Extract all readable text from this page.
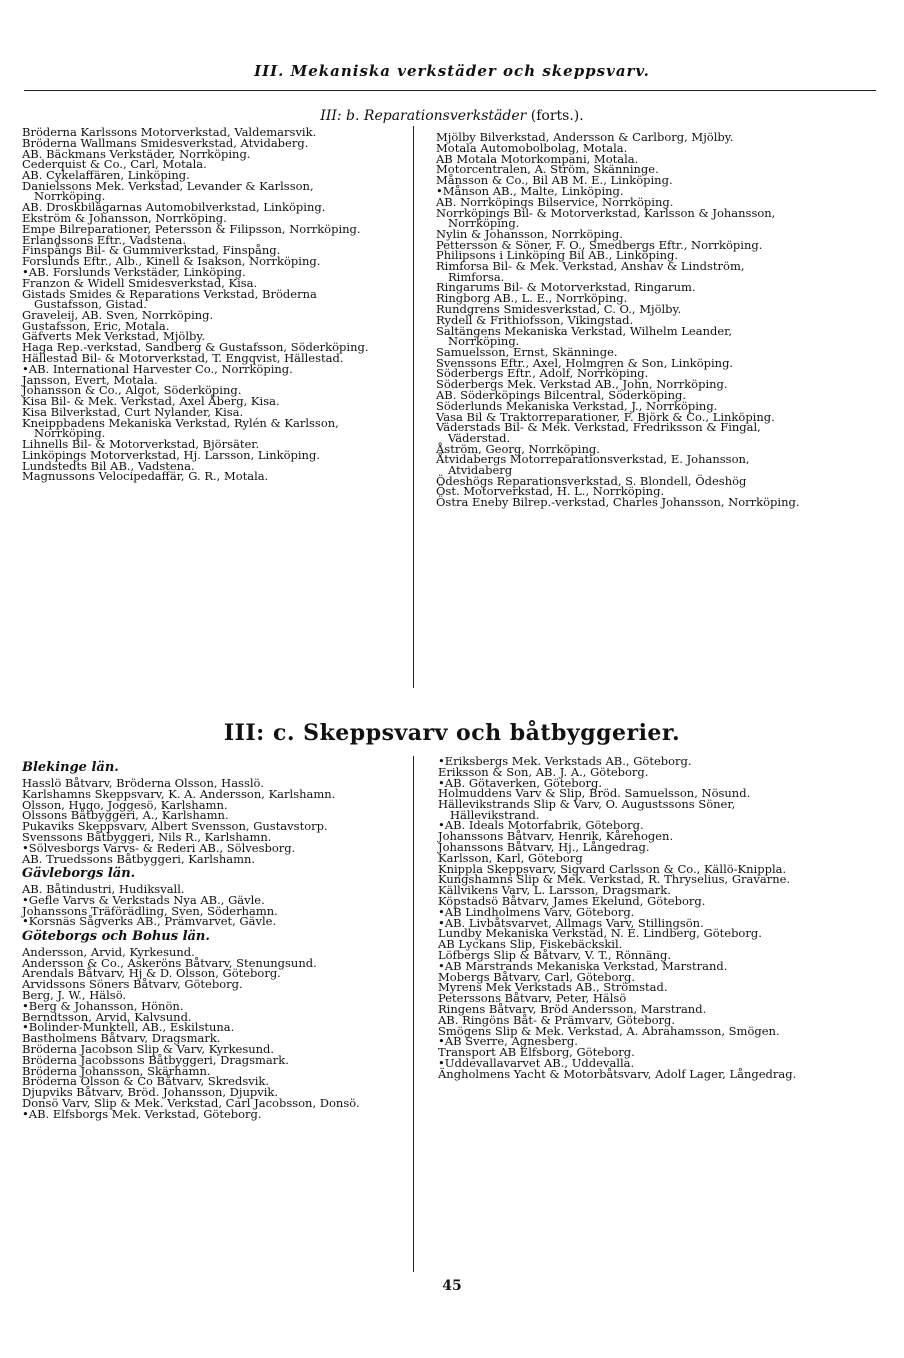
III. Mekaniska verkstäder och skeppsvarv.
III: b. Reparationsverkstäder (forts.).
Bröderna Karlssons Motorverkstad, Valdemarsvik.
Bröderna Wallmans Smidesverkstad, Atvidaberg.
AB. Bäckmans Verkstäder, Norrköping.
Cederquist & Co., Carl, Motala.
AB. Cykelaffären, Linköping.
Danielssons Mek. Verkstad, Levander & Karlsson, Norrköping.
AB. Droskbilägarnas Automobilverkstad, Linköping.
Ekström & Johansson, Norrköping.
Empe Bilreparationer, Petersson & Filipsson, Norrköping.
Erlandssons Eftr., Vadstena.
Finspångs Bil- & Gummiverkstad, Finspång.
Forslunds Eftr., Alb., Kinell & Isakson, Norrköping.
•AB. Forslunds Verkstäder, Linköping.
Franzon & Widell Smidesverkstad, Kisa.
Gistads Smides & Reparations Verkstad, Bröderna Gustafsson, Gistad.
Graveleij, AB. Sven, Norrköping.
Gustafsson, Eric, Motala.
Gäfverts Mek Verkstad, Mjölby.
Haga Rep.-verkstad, Sandberg & Gustafsson, Söderköping.
Hällestad Bil- & Motorverkstad, T. Engqvist, Hällestad.
•AB. International Harvester Co., Norrköping.
Jansson, Evert, Motala.
Johansson & Co., Algot, Söderköping.
Kisa Bil- & Mek. Verkstad, Axel Åberg, Kisa.
Kisa Bilverkstad, Curt Nylander, Kisa.
Kneippbadens Mekaniska Verkstad, Rylén & Karlsson, Norrköping.
Lihnells Bil- & Motorverkstad, Björsäter.
Linköpings Motorverkstad, Hj. Larsson, Linköping.
Lundstedts Bil AB., Vadstena.
Magnussons Velocipedaffär, G. R., Motala.
Mjölby Bilverkstad, Andersson & Carlborg, Mjölby.
Motala Automobolbolag, Motala.
AB Motala Motorkompani, Motala.
Motorcentralen, A. Ström, Skänninge.
Månsson & Co., Bil AB M. E., Linköping.
•Månson AB., Malte, Linköping.
AB. Norrköpings Bilservice, Norrköping.
Norrköpings Bil- & Motorverkstad, Karlsson & Johansson, Norrköping.
Nylin & Johansson, Norrköping.
Pettersson & Söner, F. O., Smedbergs Eftr., Norrköping.
Philipsons i Linköping Bil AB., Linköping.
Rimforsa Bil- & Mek. Verkstad, Anshav & Lindström, Rimforsa.
Ringarums Bil- & Motorverkstad, Ringarum.
Ringborg AB., L. E., Norrköping.
Rundgrens Smidesverkstad, C. O., Mjölby.
Rydell & Frithiofsson, Vikingstad.
Saltängens Mekaniska Verkstad, Wilhelm Leander, Norrköping.
Samuelsson, Ernst, Skänninge.
Svenssons Eftr., Axel, Holmgren & Son, Linköping.
Söderbergs Eftr., Adolf, Norrköping.
Söderbergs Mek. Verkstad AB., John, Norrköping.
AB. Söderköpings Bilcentral, Söderköping.
Söderlunds Mekaniska Verkstad, J., Norrköping.
Vasa Bil & Traktorreparationer, F. Björk & Co., Linköping.
Väderstads Bil- & Mek. Verkstad, Fredriksson & Fingal, Väderstad.
Åström, Georg, Norrköping.
Åtvidabergs Motorreparationsverkstad, E. Johansson, Atvidaberg
Ödeshögs Reparationsverkstad, S. Blondell, Ödeshög
Öst. Motorverkstad, H. L., Norrköping.
Östra Eneby Bilrep.-verkstad, Charles Johansson, Norrköping.
III: c. Skeppsvarv och båtbyggerier.
Blekinge län.
Hasslö Båtvarv, Bröderna Olsson, Hasslö.
Karlshamns Skeppsvarv, K. A. Andersson, Karlshamn.
Olsson, Hugo, Joggesö, Karlshamn.
Olssons Båtbyggeri, A., Karlshamn.
Pukaviks Skeppsvarv, Albert Svensson, Gustavstorp.
Svenssons Båtbyggeri, Nils R., Karlshamn.
•Sölvesborgs Varvs- & Rederi AB., Sölvesborg.
AB. Truedssons Båtbyggeri, Karlshamn.
Gävleborgs län.
AB. Båtindustri, Hudiksvall.
•Gefle Varvs & Verkstads Nya AB., Gävle.
Johanssons Träförädling, Sven, Söderhamn.
•Korsnäs Sågverks AB., Prämvarvet, Gävle.
Göteborgs och Bohus län.
Andersson, Arvid, Kyrkesund.
Andersson & Co., Askeröns Båtvarv, Stenungsund.
Arendals Båtvarv, Hj & D. Olsson, Göteborg.
Arvidssons Söners Båtvarv, Göteborg.
Berg, J. W., Hälsö.
•Berg & Johansson, Hönön.
Berndtsson, Arvid, Kalvsund.
•Bolinder-Munktell, AB., Eskilstuna.
Bastholmens Båtvarv, Dragsmark.
Bröderna Jacobson Slip & Varv, Kyrkesund.
Bröderna Jacobssons Båtbyggeri, Dragsmark.
Bröderna Johansson, Skärhamn.
Bröderna Olsson & Co Båtvarv, Skredsvik.
Djupviks Båtvarv, Bröd. Johansson, Djupvik.
Donsö Varv, Slip & Mek. Verkstad, Carl Jacobsson, Donsö.
•AB. Elfsborgs Mek. Verkstad, Göteborg.
•Eriksbergs Mek. Verkstads AB., Göteborg.
Eriksson & Son, AB. J. A., Göteborg.
•AB. Götaverken, Göteborg.
Holmuddens Varv & Slip, Bröd. Samuelsson, Nösund.
Hällevikstrands Slip & Varv, O. Augustssons Söner, Hällevikstrand.
•AB. Ideals Motorfabrik, Göteborg.
Johanssons Båtvarv, Henrik, Kårehogen.
Johanssons Båtvarv, Hj., Långedrag.
Karlsson, Karl, Göteborg
Knippla Skeppsvarv, Sigvard Carlsson & Co., Källö-Knippla.
Kungshamns Slip & Mek. Verkstad, R. Thryselius, Gravarne.
Källvikens Varv, L. Larsson, Dragsmark.
Köpstadsö Båtvarv, James Ekelund, Göteborg.
•AB Lindholmens Varv, Göteborg.
•AB. Livbåtsvarvet, Allmags Varv, Stillingsön.
Lundby Mekaniska Verkstad, N. E. Lindberg, Göteborg.
AB Lyckans Slip, Fiskebäckskil.
Löfbergs Slip & Båtvarv, V. T., Rönnäng.
•AB Marstrands Mekaniska Verkstad, Marstrand.
Mobergs Båtvarv, Carl, Göteborg.
Myrens Mek Verkstads AB., Strömstad.
Peterssons Båtvarv, Peter, Hälsö
Ringens Båtvarv, Bröd Andersson, Marstrand.
AB. Ringöns Båt- & Prämvarv, Göteborg.
Smögens Slip & Mek. Verkstad, A. Abrahamsson, Smögen.
•AB Sverre, Agnesberg.
Transport AB Elfsborg, Göteborg.
•Uddevallavarvet AB., Uddevalla.
Ängholmens Yacht & Motorbåtsvarv, Adolf Lager, Långedrag.
45
